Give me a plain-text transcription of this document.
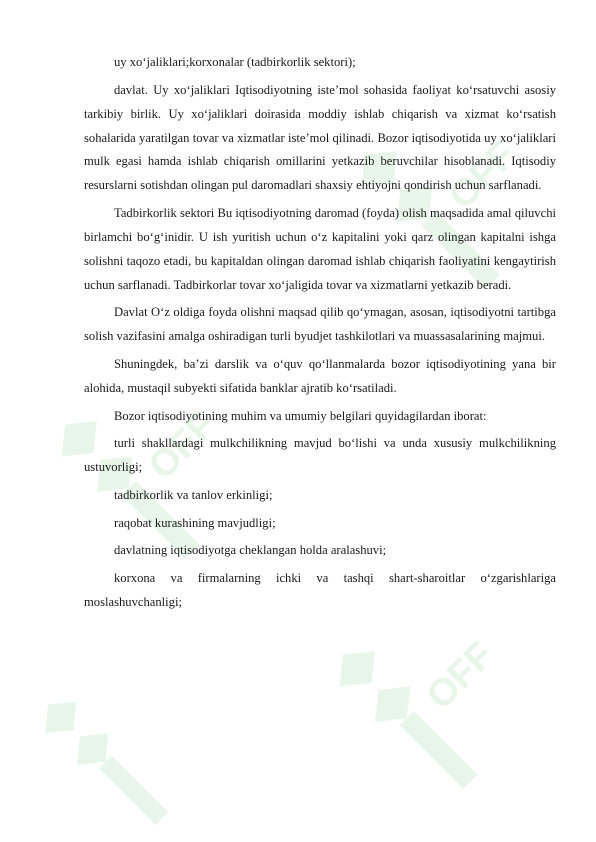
OFF
OFF
OFF

uy xo‘jaliklari;korxonalar (tadbirkorlik sektori);

davlat. Uy xo‘jaliklari Iqtisodiyotning iste’mol sohasida faoliyat ko‘rsatuvchi asosiy tarkibiy birlik. Uy xo‘jaliklari doirasida moddiy ishlab chiqarish va xizmat ko‘rsatish sohalarida yaratilgan tovar va xizmatlar iste’mol qilinadi. Bozor iqtisodiyotida uy xo‘jaliklari mulk egasi hamda ishlab chiqarish omillarini yetkazib beruvchilar hisoblanadi. Iqtisodiy resurslarni sotishdan olingan pul daromadlari shaxsiy ehtiyojni qondirish uchun sarflanadi.

Tadbirkorlik sektori Bu iqtisodiyotning daromad (foyda) olish maqsadida amal qiluvchi birlamchi bo‘g‘inidir. U ish yuritish uchun o‘z kapitalini yoki qarz olingan kapitalni ishga solishni taqozo etadi, bu kapitaldan olingan daromad ishlab chiqarish faoliyatini kengaytirish uchun sarflanadi. Tadbirkorlar tovar xo‘jaligida tovar va xizmatlarni yetkazib beradi.

Davlat O‘z oldiga foyda olishni maqsad qilib qo‘ymagan, asosan, iqtisodiyotni tartibga solish vazifasini amalga oshiradigan turli byudjet tashkilotlari va muassasalarining majmui.

Shuningdek, ba’zi darslik va o‘quv qo‘llanmalarda bozor iqtisodiyotining yana bir alohida, mustaqil subyekti sifatida banklar ajratib ko‘rsatiladi.

Bozor iqtisodiyotining muhim va umumiy belgilari quyidagilardan iborat:

turli shakllardagi mulkchilikning mavjud bo‘lishi va unda xususiy mulkchilikning ustuvorligi;

tadbirkorlik va tanlov erkinligi;

raqobat kurashining mavjudligi;

davlatning iqtisodiyotga cheklangan holda aralashuvi;

korxona va firmalarning ichki va tashqi shart-sharoitlar o‘zgarishlariga moslashuvchanligi;
